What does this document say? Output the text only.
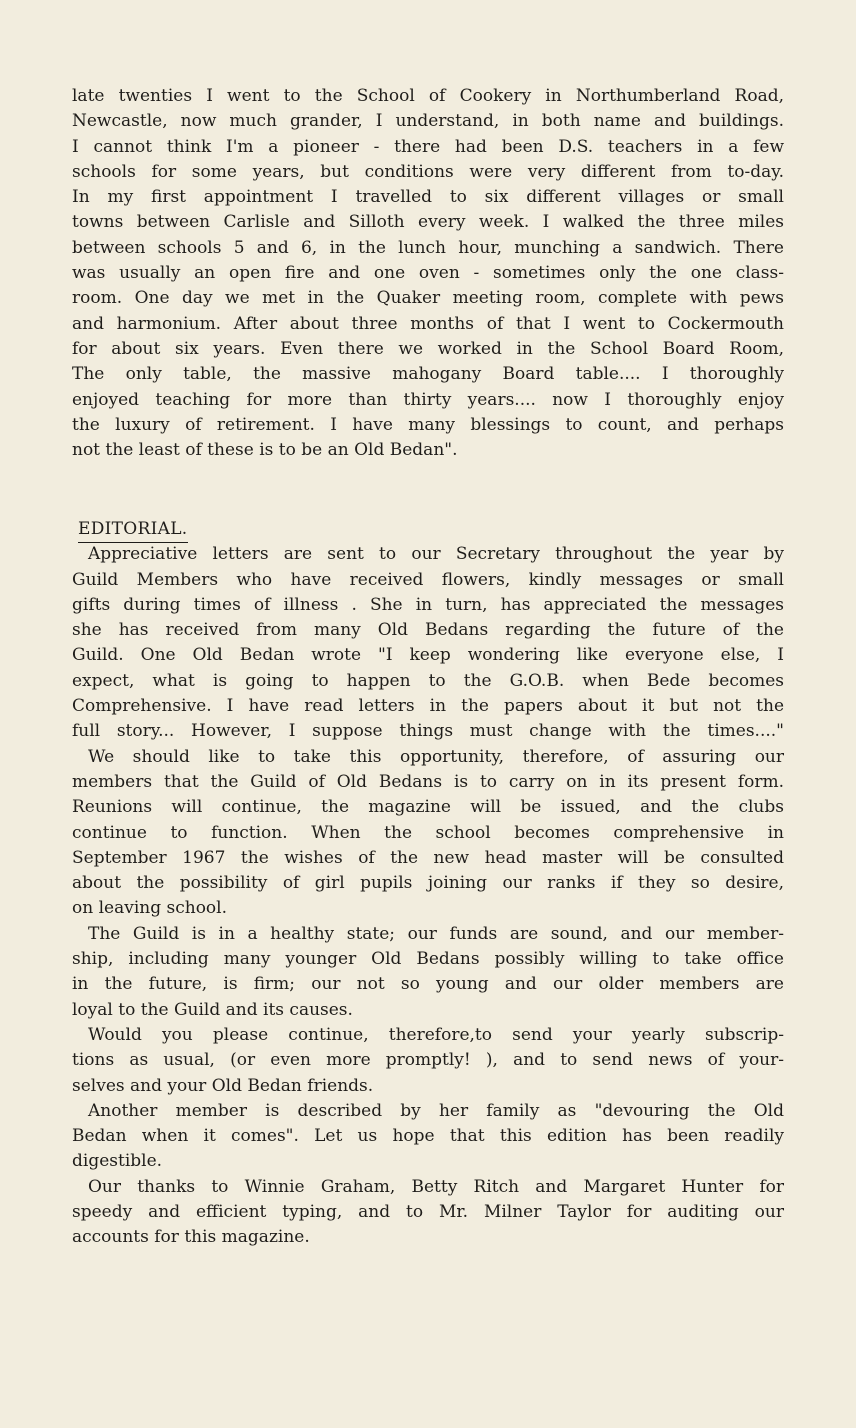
late twenties I went to the School of Cookery in Northumberland Road,
Newcastle, now much grander, I understand, in both name and buildings.
I cannot think I'm a pioneer - there had been D.S. teachers in a few
schools for some years, but conditions were very different from to-day.
In my first appointment I travelled to six different villages or small
towns between Carlisle and Silloth every week. I walked the three miles
between schools 5 and 6, in the lunch hour, munching a sandwich. There
was usually an open fire and one oven - sometimes only the one class-
room. One day we met in the Quaker meeting room, complete with pews
and harmonium. After about three months of that I went to Cockermouth
for about six years. Even there we worked in the School Board Room,
The only table, the massive mahogany Board table.... I thoroughly
enjoyed teaching for more than thirty years.... now I thoroughly enjoy
the luxury of retirement. I have many blessings to count, and perhaps
not the least of these is to be an Old Bedan".
EDITORIAL.
Appreciative letters are sent to our Secretary throughout the year by
Guild Members who have received flowers, kindly messages or small
gifts during times of illness . She in turn, has appreciated the messages
she has received from many Old Bedans regarding the future of the
Guild. One Old Bedan wrote "I keep wondering like everyone else, I
expect, what is going to happen to the G.O.B. when Bede becomes
Comprehensive. I have read letters in the papers about it but not the
full story... However, I suppose things must change with the times...."
We should like to take this opportunity, therefore, of assuring our
members that the Guild of Old Bedans is to carry on in its present form.
Reunions will continue, the magazine will be issued, and the clubs
continue to function. When the school becomes comprehensive in
September 1967 the wishes of the new head master will be consulted
about the possibility of girl pupils joining our ranks if they so desire,
on leaving school.
The Guild is in a healthy state; our funds are sound, and our member-
ship, including many younger Old Bedans possibly willing to take office
in the future, is firm; our not so young and our older members are
loyal to the Guild and its causes.
Would you please continue, therefore,to send your yearly subscrip-
tions as usual, (or even more promptly! ), and to send news of your-
selves and your Old Bedan friends.
Another member is described by her family as "devouring the Old
Bedan when it comes". Let us hope that this edition has been readily
digestible.
Our thanks to Winnie Graham, Betty Ritch and Margaret Hunter for
speedy and efficient typing, and to Mr. Milner Taylor for auditing our
accounts for this magazine.
